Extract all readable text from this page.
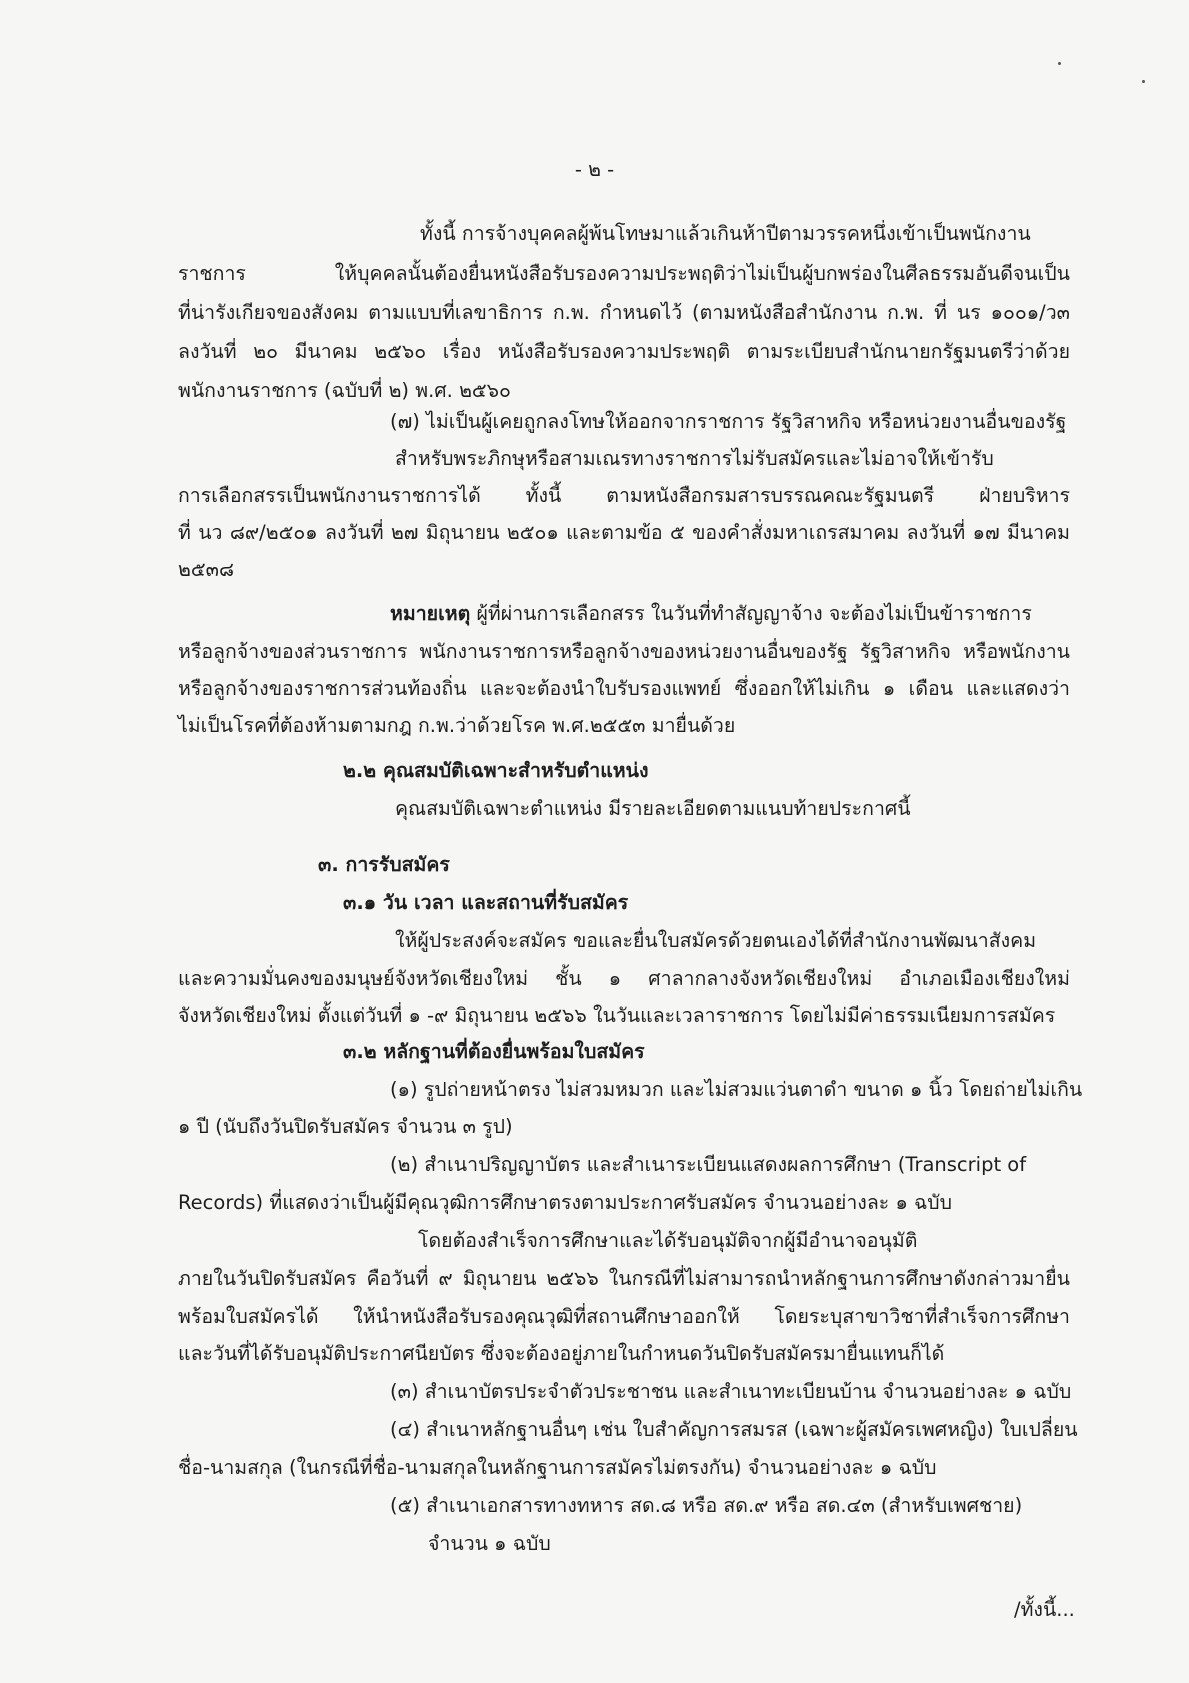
- ๒ -
ทั้งนี้ การจ้างบุคคลผู้พ้นโทษมาแล้วเกินห้าปีตามวรรคหนึ่งเข้าเป็นพนักงาน
ราชการ ให้บุคคลนั้นต้องยื่นหนังสือรับรองความประพฤติว่าไม่เป็นผู้บกพร่องในศีลธรรมอันดีจนเป็น
ที่น่ารังเกียจของสังคม ตามแบบที่เลขาธิการ ก.พ. กำหนดไว้ (ตามหนังสือสำนักงาน ก.พ. ที่ นร ๑๐๐๑/ว๓
ลงวันที่ ๒๐ มีนาคม ๒๕๖๐ เรื่อง หนังสือรับรองความประพฤติ ตามระเบียบสำนักนายกรัฐมนตรีว่าด้วย
พนักงานราชการ (ฉบับที่ ๒) พ.ศ. ๒๕๖๐
(๗) ไม่เป็นผู้เคยถูกลงโทษให้ออกจากราชการ รัฐวิสาหกิจ หรือหน่วยงานอื่นของรัฐ
สำหรับพระภิกษุหรือสามเณรทางราชการไม่รับสมัครและไม่อาจให้เข้ารับ
การเลือกสรรเป็นพนักงานราชการได้ ทั้งนี้ ตามหนังสือกรมสารบรรณคณะรัฐมนตรี ฝ่ายบริหาร
ที่ นว ๘๙/๒๕๐๑ ลงวันที่ ๒๗ มิถุนายน ๒๕๐๑ และตามข้อ ๕ ของคำสั่งมหาเถรสมาคม ลงวันที่ ๑๗ มีนาคม
๒๕๓๘
หมายเหตุ ผู้ที่ผ่านการเลือกสรร ในวันที่ทำสัญญาจ้าง จะต้องไม่เป็นข้าราชการ
หรือลูกจ้างของส่วนราชการ พนักงานราชการหรือลูกจ้างของหน่วยงานอื่นของรัฐ รัฐวิสาหกิจ หรือพนักงาน
หรือลูกจ้างของราชการส่วนท้องถิ่น และจะต้องนำใบรับรองแพทย์ ซึ่งออกให้ไม่เกิน ๑ เดือน และแสดงว่า
ไม่เป็นโรคที่ต้องห้ามตามกฎ ก.พ.ว่าด้วยโรค พ.ศ.๒๕๕๓ มายื่นด้วย
๒.๒ คุณสมบัติเฉพาะสำหรับตำแหน่ง
คุณสมบัติเฉพาะตำแหน่ง มีรายละเอียดตามแนบท้ายประกาศนี้
๓. การรับสมัคร
๓.๑ วัน เวลา และสถานที่รับสมัคร
ให้ผู้ประสงค์จะสมัคร ขอและยื่นใบสมัครด้วยตนเองได้ที่สำนักงานพัฒนาสังคม
และความมั่นคงของมนุษย์จังหวัดเชียงใหม่ ชั้น ๑ ศาลากลางจังหวัดเชียงใหม่ อำเภอเมืองเชียงใหม่
จังหวัดเชียงใหม่ ตั้งแต่วันที่ ๑ -๙ มิถุนายน ๒๕๖๖ ในวันและเวลาราชการ โดยไม่มีค่าธรรมเนียมการสมัคร
๓.๒ หลักฐานที่ต้องยื่นพร้อมใบสมัคร
(๑) รูปถ่ายหน้าตรง ไม่สวมหมวก และไม่สวมแว่นตาดำ ขนาด ๑ นิ้ว โดยถ่ายไม่เกิน
๑ ปี (นับถึงวันปิดรับสมัคร จำนวน ๓ รูป)
(๒) สำเนาปริญญาบัตร และสำเนาระเบียนแสดงผลการศึกษา (Transcript of
Records) ที่แสดงว่าเป็นผู้มีคุณวุฒิการศึกษาตรงตามประกาศรับสมัคร จำนวนอย่างละ ๑ ฉบับ
โดยต้องสำเร็จการศึกษาและได้รับอนุมัติจากผู้มีอำนาจอนุมัติ
ภายในวันปิดรับสมัคร คือวันที่ ๙ มิถุนายน ๒๕๖๖ ในกรณีที่ไม่สามารถนำหลักฐานการศึกษาดังกล่าวมายื่น
พร้อมใบสมัครได้ ให้นำหนังสือรับรองคุณวุฒิที่สถานศึกษาออกให้ โดยระบุสาขาวิชาที่สำเร็จการศึกษา
และวันที่ได้รับอนุมัติประกาศนียบัตร ซึ่งจะต้องอยู่ภายในกำหนดวันปิดรับสมัครมายื่นแทนก็ได้
(๓) สำเนาบัตรประจำตัวประชาชน และสำเนาทะเบียนบ้าน จำนวนอย่างละ ๑ ฉบับ
(๔) สำเนาหลักฐานอื่นๆ เช่น ใบสำคัญการสมรส (เฉพาะผู้สมัครเพศหญิง) ใบเปลี่ยน
ชื่อ-นามสกุล (ในกรณีที่ชื่อ-นามสกุลในหลักฐานการสมัครไม่ตรงกัน) จำนวนอย่างละ ๑ ฉบับ
(๕) สำเนาเอกสารทางทหาร สด.๘ หรือ สด.๙ หรือ สด.๔๓ (สำหรับเพศชาย)
จำนวน ๑ ฉบับ
/ทั้งนี้...
